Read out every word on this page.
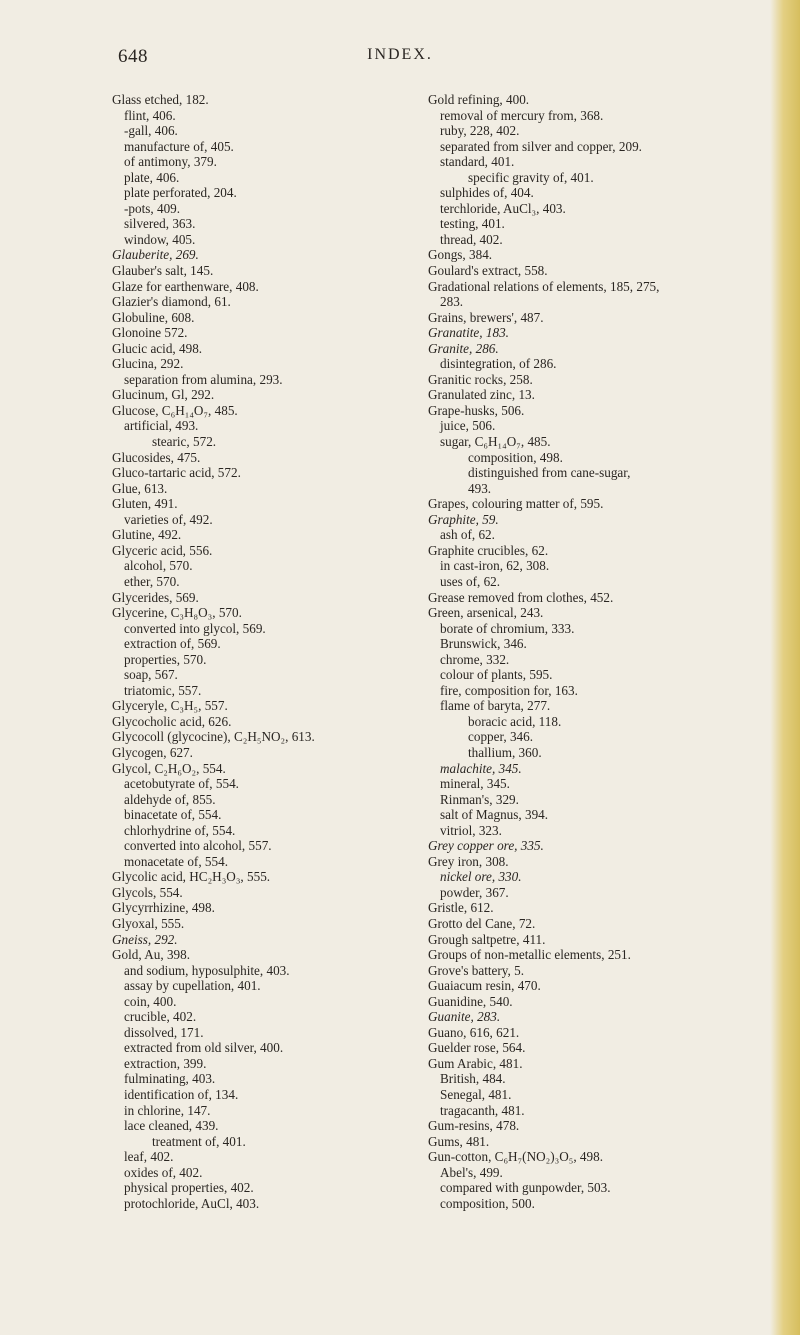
648	INDEX.
Glass etched, 182.
flint, 406.
-gall, 406.
manufacture of, 405.
of antimony, 379.
plate, 406.
plate perforated, 204.
-pots, 409.
silvered, 363.
window, 405.
Glauberite, 269.
Glauber's salt, 145.
Glaze for earthenware, 408.
Glazier's diamond, 61.
Globuline, 608.
Glonoine 572.
Glucic acid, 498.
Glucina, 292.
separation from alumina, 293.
Glucinum, Gl, 292.
Glucose, C₆H₁₄O₇, 485.
artificial, 493.
stearic, 572.
Glucosides, 475.
Gluco-tartaric acid, 572.
Glue, 613.
Gluten, 491.
varieties of, 492.
Glutine, 492.
Glyceric acid, 556.
alcohol, 570.
ether, 570.
Glycerides, 569.
Glycerine, C₃H₈O₃, 570.
converted into glycol, 569.
extraction of, 569.
properties, 570.
soap, 567.
triatomic, 557.
Glyceryle, C₃H₅, 557.
Glycocholic acid, 626.
Glycocoll (glycocine), C₂H₅NO₂, 613.
Glycogen, 627.
Glycol, C₂H₆O₂, 554.
acetobutyrate of, 554.
aldehyde of, 855.
binacetate of, 554.
chlorhydrine of, 554.
converted into alcohol, 557.
monacetate of, 554.
Glycolic acid, HC₂H₃O₃, 555.
Glycols, 554.
Glycyrrhizine, 498.
Glyoxal, 555.
Gneiss, 292.
Gold, Au, 398.
and sodium, hyposulphite, 403.
assay by cupellation, 401.
coin, 400.
crucible, 402.
dissolved, 171.
extracted from old silver, 400.
extraction, 399.
fulminating, 403.
identification of, 134.
in chlorine, 147.
lace cleaned, 439.
treatment of, 401.
leaf, 402.
oxides of, 402.
physical properties, 402.
protochloride, AuCl, 403.
Gold refining, 400.
removal of mercury from, 368.
ruby, 228, 402.
separated from silver and copper, 209.
standard, 401.
specific gravity of, 401.
sulphides of, 404.
terchloride, AuCl₃, 403.
testing, 401.
thread, 402.
Gongs, 384.
Goulard's extract, 558.
Gradational relations of elements, 185, 275,
283.
Grains, brewers', 487.
Granatite, 183.
Granite, 286.
disintegration, of 286.
Granitic rocks, 258.
Granulated zinc, 13.
Grape-husks, 506.
juice, 506.
sugar, C₆H₁₄O₇, 485.
composition, 498.
distinguished from cane-sugar,
493.
Grapes, colouring matter of, 595.
Graphite, 59.
ash of, 62.
Graphite crucibles, 62.
in cast-iron, 62, 308.
uses of, 62.
Grease removed from clothes, 452.
Green, arsenical, 243.
borate of chromium, 333.
Brunswick, 346.
chrome, 332.
colour of plants, 595.
fire, composition for, 163.
flame of baryta, 277.
boracic acid, 118.
copper, 346.
thallium, 360.
malachite, 345.
mineral, 345.
Rinman's, 329.
salt of Magnus, 394.
vitriol, 323.
Grey copper ore, 335.
Grey iron, 308.
nickel ore, 330.
powder, 367.
Gristle, 612.
Grotto del Cane, 72.
Grough saltpetre, 411.
Groups of non-metallic elements, 251.
Grove's battery, 5.
Guaiacum resin, 470.
Guanidine, 540.
Guanite, 283.
Guano, 616, 621.
Guelder rose, 564.
Gum Arabic, 481.
British, 484.
Senegal, 481.
tragacanth, 481.
Gum-resins, 478.
Gums, 481.
Gun-cotton, C₆H₇(NO₂)₃O₅, 498.
Abel's, 499.
compared with gunpowder, 503.
composition, 500.
